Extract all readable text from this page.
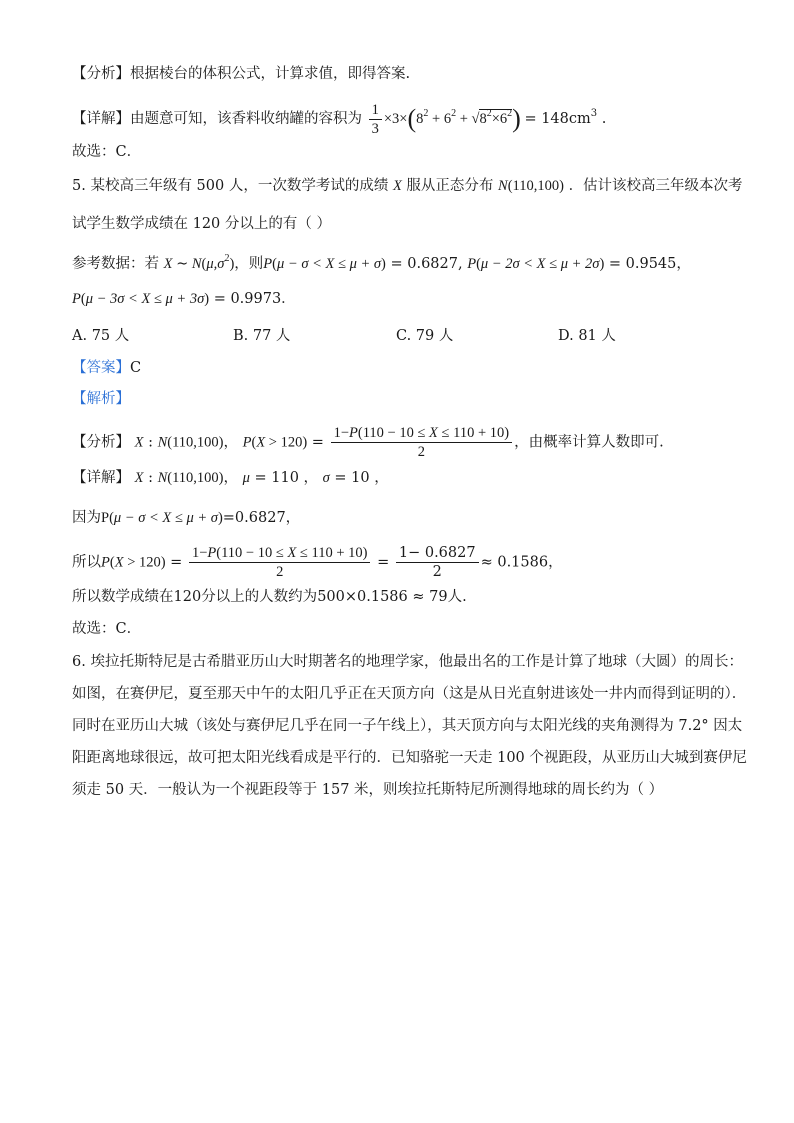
【分析】根据棱台的体积公式，计算求值，即得答案.
【详解】由题意可知，该香料收纳罐的容积为 $\frac{1}{3} \times 3\times(8^2 + 6^2 + √8^2\times 6^2) = 148cm^3$ .
故选：C．
5. 某校高三年级有 500 人，一次数学考试的成绩 X 服从正态分布 N(110,100) ．估计该校高三年级本次考
试学生数学成绩在 120 分以上的有（ ）
参考数据：若 X ∼ $N(\mu,\sigma^2)$，则P(μ − σ < X ≤ μ + σ) = 0.6827, P(μ − 2σ < X ≤ μ + 2σ) = 0.9545，
P(μ − 3σ < X ≤ μ + 3σ) = 0.9973．
A. 75 人	B. 77 人	C. 79 人	D. 81 人
【答案】C
【解析】
【分析】 X : N(110,100)， $P(X > 120) = \frac{1-P(110 - 10 \le X \le 110 + 10)}{2}$ ，由概率计算人数即可.
【详解】 X : N(110,100)， μ = 110 ， σ = 10 ，
因为P(μ − σ < X ≤ μ + σ)=0.6827，
所以$P(X > 120) = \frac{1-P(110 - 10 \le X \le 110 + 10)}{2} = \frac{1- 0.6827}{2} \approx 0.1586$，
所以数学成绩在120分以上的人数约为500×0.1586 ≈ 79人.
故选：C．
6. 埃拉托斯特尼是古希腊亚历山大时期著名的地理学家，他最出名的工作是计算了地球（大圆）的周长：
如图，在赛伊尼，夏至那天中午的太阳几乎正在天顶方向（这是从日光直射进该处一井内而得到证明的）．
同时在亚历山大城（该处与赛伊尼几乎在同一子午线上），其天顶方向与太阳光线的夹角测得为 7.2° 因太
阳距离地球很远，故可把太阳光线看成是平行的．已知骆驼一天走 100 个视距段，从亚历山大城到赛伊尼
须走 50 天．一般认为一个视距段等于 157 米，则埃拉托斯特尼所测得地球的周长约为（ ）
